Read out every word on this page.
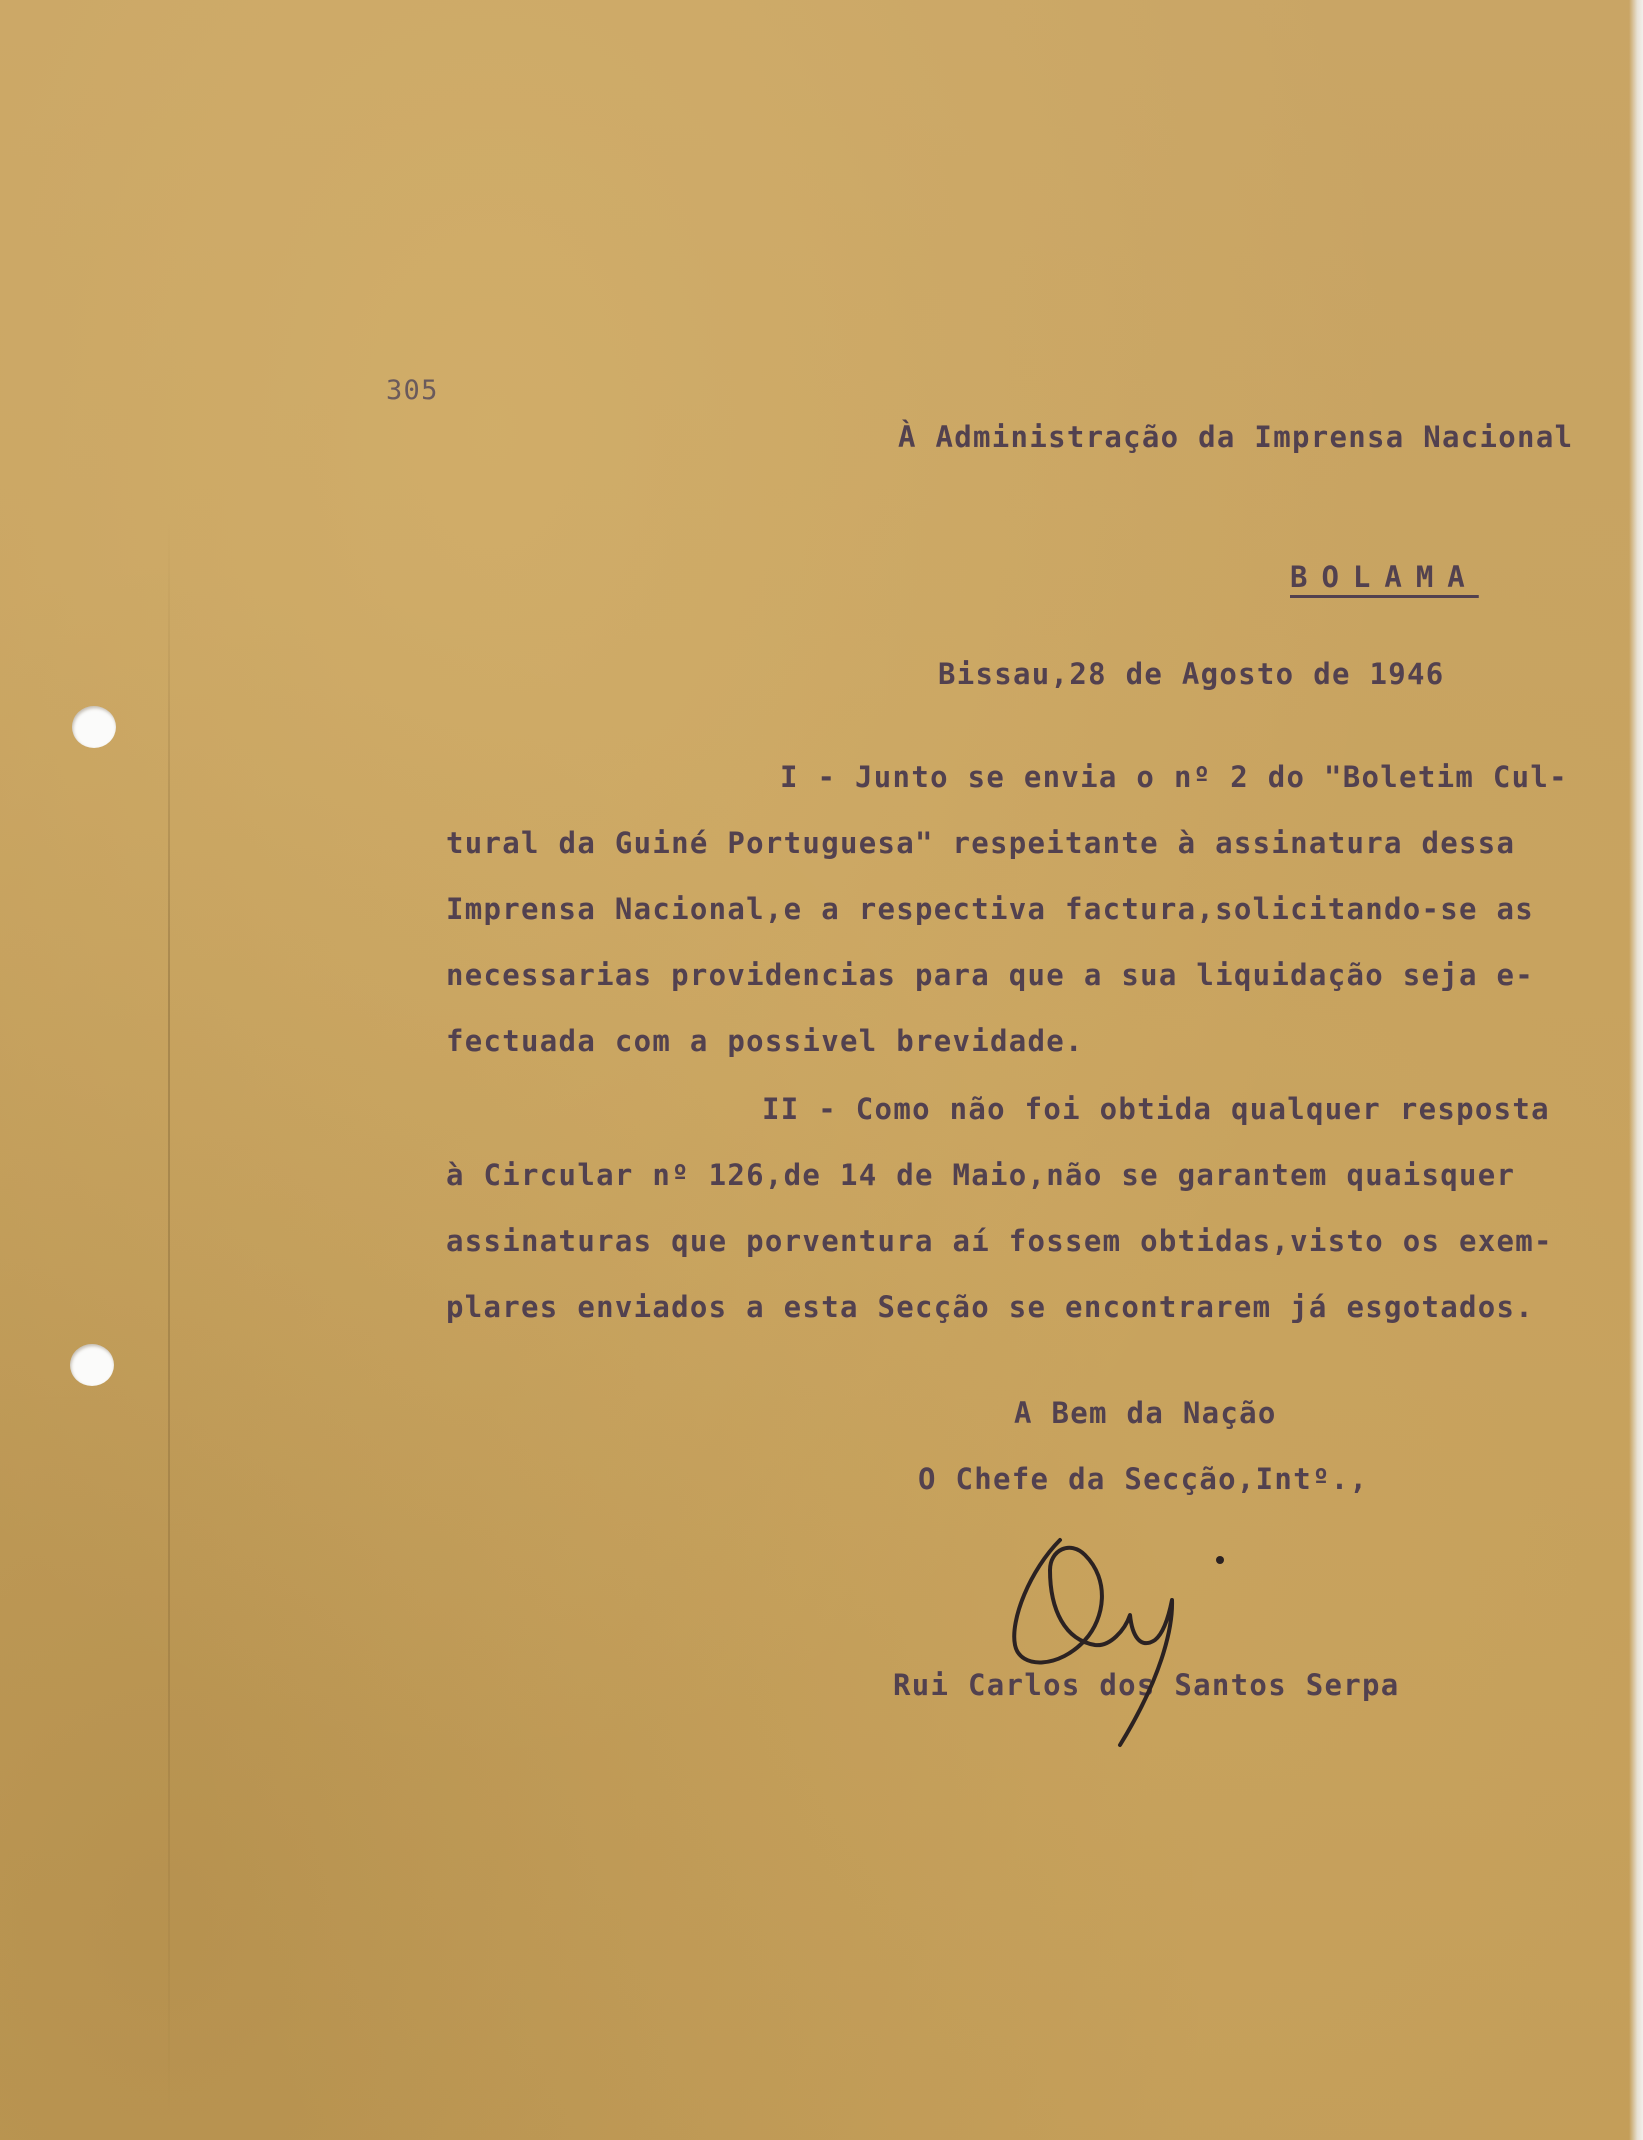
305
À Administração da Imprensa Nacional
BOLAMA
Bissau,28 de Agosto de 1946
I - Junto se envia o nº 2 do "Boletim Cul-
tural da Guiné Portuguesa" respeitante à assinatura dessa
Imprensa Nacional,e a respectiva factura,solicitando-se as
necessarias providencias para que a sua liquidação seja e-
fectuada com a possivel brevidade.
II - Como não foi obtida qualquer resposta
à Circular nº 126,de 14 de Maio,não se garantem quaisquer
assinaturas que porventura aí fossem obtidas,visto os exem-
plares enviados a esta Secção se encontrarem já esgotados.
A Bem da Nação
O Chefe da Secção,Intº.,
Rui Carlos dos Santos Serpa
